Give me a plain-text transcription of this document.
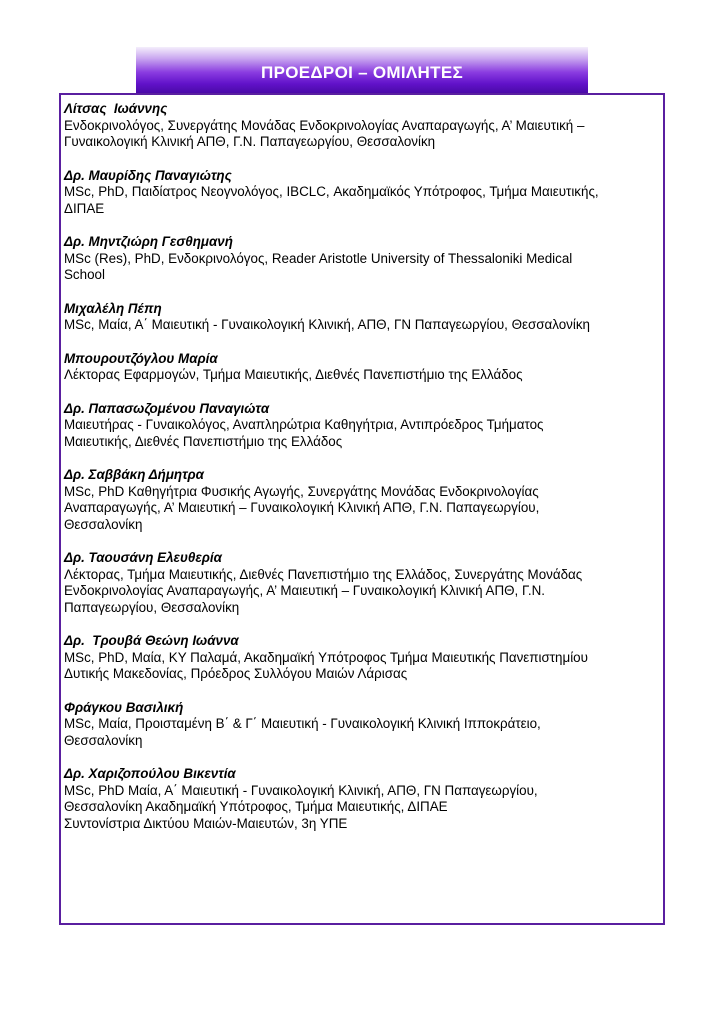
ΠΡΟΕΔΡΟΙ – ΟΜΙΛΗΤΕΣ
Λίτσας  Ιωάννης
Ενδοκρινολόγος, Συνεργάτης Μονάδας Ενδοκρινολογίας Αναπαραγωγής, Α’ Μαιευτική –
Γυναικολογική Κλινική ΑΠΘ, Γ.Ν. Παπαγεωργίου, Θεσσαλονίκη
Δρ. Μαυρίδης Παναγιώτης
MSc, PhD, Παιδίατρος Νεογνολόγος, IBCLC, Ακαδημαϊκός Υπότροφος, Τμήμα Μαιευτικής,
ΔΙΠΑΕ
Δρ. Μηντζιώρη Γεσθημανή
MSc (Res), PhD, Ενδοκρινολόγος, Reader Aristotle University of Thessaloniki Medical
School
Μιχαλέλη Πέπη
MSc, Μαία, Α΄ Μαιευτική - Γυναικολογική Κλινική, ΑΠΘ, ΓΝ Παπαγεωργίου, Θεσσαλονίκη
Μπουρουτζόγλου Μαρία
Λέκτορας Εφαρμογών, Τμήμα Μαιευτικής, Διεθνές Πανεπιστήμιο της Ελλάδος
Δρ. Παπασωζομένου Παναγιώτα
Μαιευτήρας - Γυναικολόγος, Αναπληρώτρια Καθηγήτρια, Αντιπρόεδρος Τμήματος
Μαιευτικής, Διεθνές Πανεπιστήμιο της Ελλάδος
Δρ. Σαββάκη Δήμητρα
MSc, PhD Καθηγήτρια Φυσικής Αγωγής, Συνεργάτης Μονάδας Ενδοκρινολογίας
Αναπαραγωγής, Α’ Μαιευτική – Γυναικολογική Κλινική ΑΠΘ, Γ.Ν. Παπαγεωργίου,
Θεσσαλονίκη
Δρ. Ταουσάνη Ελευθερία
Λέκτορας, Τμήμα Μαιευτικής, Διεθνές Πανεπιστήμιο της Ελλάδος, Συνεργάτης Μονάδας
Ενδοκρινολογίας Αναπαραγωγής, Α’ Μαιευτική – Γυναικολογική Κλινική ΑΠΘ, Γ.Ν.
Παπαγεωργίου, Θεσσαλονίκη
Δρ.  Τρουβά Θεώνη Ιωάννα
MSc, PhD, Μαία, ΚΥ Παλαμά, Ακαδημαϊκή Υπότροφος Τμήμα Μαιευτικής Πανεπιστημίου
Δυτικής Μακεδονίας, Πρόεδρος Συλλόγου Μαιών Λάρισας
Φράγκου Βασιλική
MSc, Μαία, Προισταμένη Β΄ & Γ΄ Μαιευτική - Γυναικολογική Κλινική Ιπποκράτειο,
Θεσσαλονίκη
Δρ. Χαριζοπούλου Βικεντία
MSc, PhD Μαία, Α΄ Μαιευτική - Γυναικολογική Κλινική, ΑΠΘ, ΓΝ Παπαγεωργίου,
Θεσσαλονίκη Ακαδημαϊκή Υπότροφος, Τμήμα Μαιευτικής, ΔΙΠΑΕ
Συντονίστρια Δικτύου Μαιών-Μαιευτών, 3η ΥΠΕ
